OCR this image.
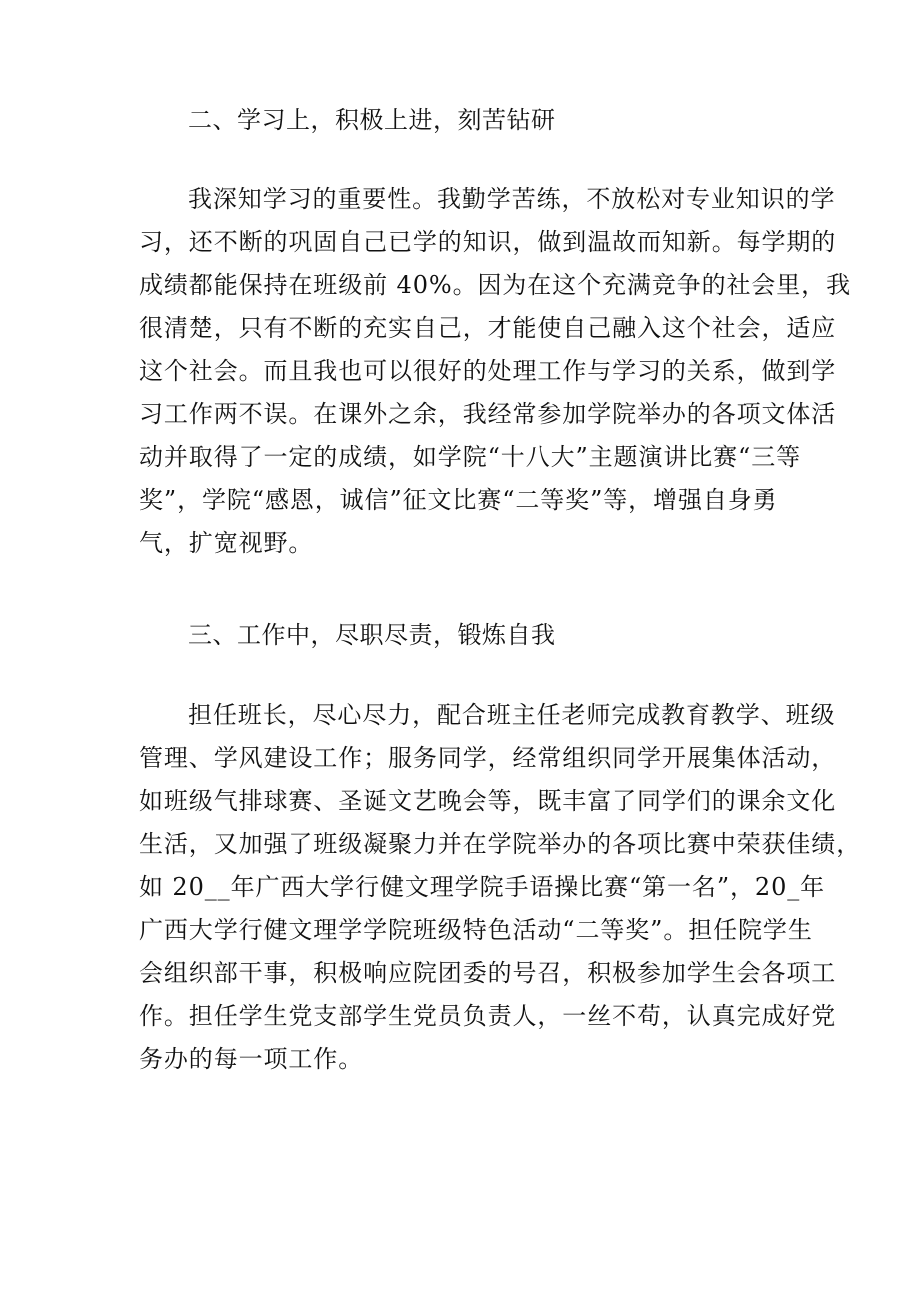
二、学习上，积极上进，刻苦钻研
我深知学习的重要性。我勤学苦练，不放松对专业知识的学
习，还不断的巩固自己已学的知识，做到温故而知新。每学期的
成绩都能保持在班级前 40%。因为在这个充满竞争的社会里，我
很清楚，只有不断的充实自己，才能使自己融入这个社会，适应
这个社会。而且我也可以很好的处理工作与学习的关系，做到学
习工作两不误。在课外之余，我经常参加学院举办的各项文体活
动并取得了一定的成绩，如学院“十八大”主题演讲比赛“三等
奖”，学院“感恩，诚信”征文比赛“二等奖”等，增强自身勇
气，扩宽视野。
三、工作中，尽职尽责，锻炼自我
担任班长，尽心尽力，配合班主任老师完成教育教学、班级
管理、学风建设工作；服务同学，经常组织同学开展集体活动，
如班级气排球赛、圣诞文艺晚会等，既丰富了同学们的课余文化
生活，又加强了班级凝聚力并在学院举办的各项比赛中荣获佳绩，
如 20__年广西大学行健文理学院手语操比赛“第一名”，20_年
广西大学行健文理学学院班级特色活动“二等奖”。担任院学生
会组织部干事，积极响应院团委的号召，积极参加学生会各项工
作。担任学生党支部学生党员负责人，一丝不苟，认真完成好党
务办的每一项工作。
